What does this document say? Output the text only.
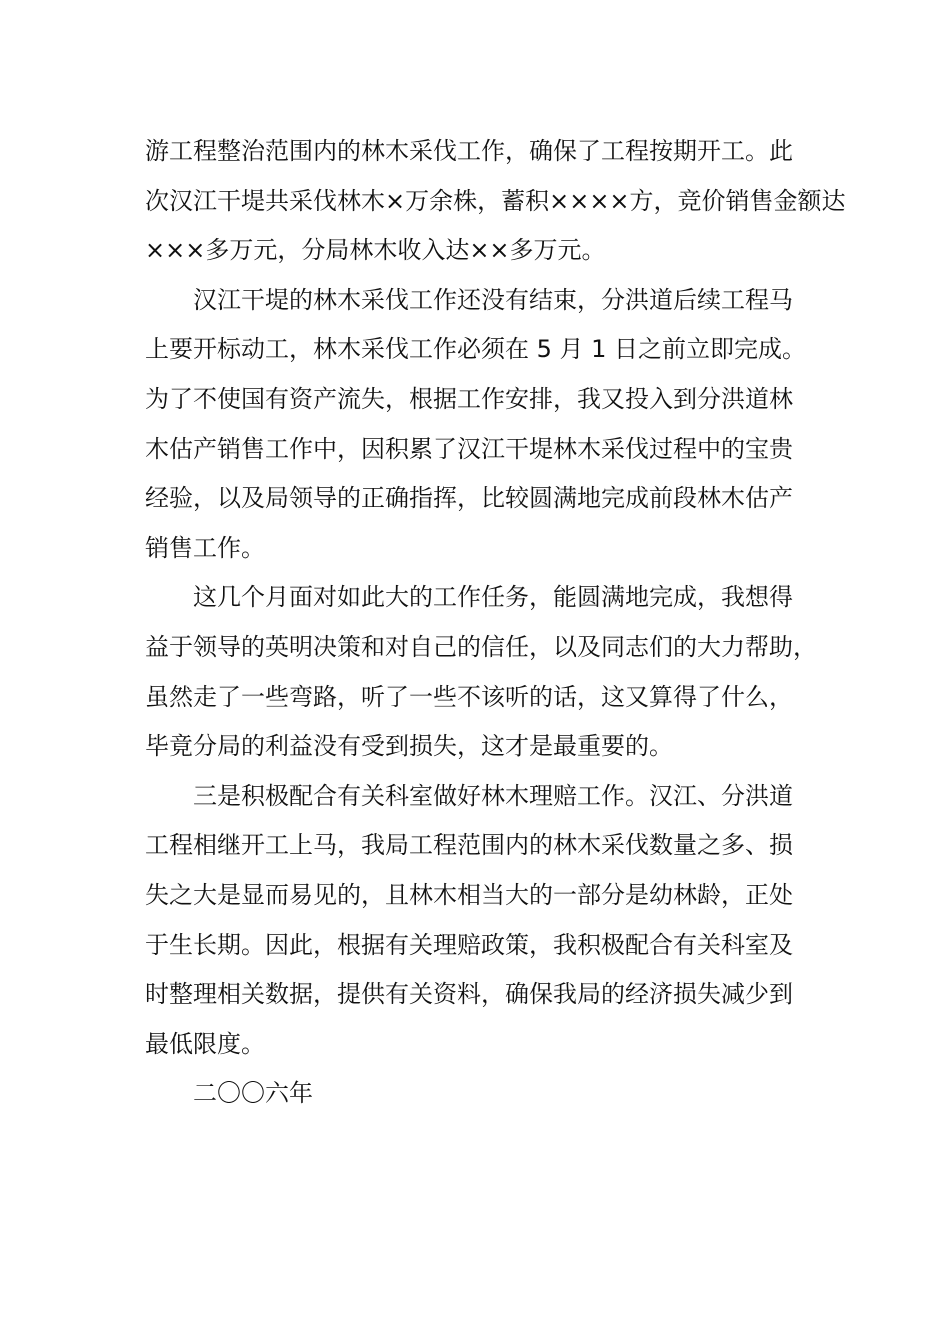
游工程整治范围内的林木采伐工作，确保了工程按期开工。此
次汉江干堤共采伐林木×万余株，蓄积××××方，竞价销售金额达
×××多万元，分局林木收入达××多万元。
汉江干堤的林木采伐工作还没有结束，分洪道后续工程马
上要开标动工，林木采伐工作必须在 5 月 1 日之前立即完成。
为了不使国有资产流失，根据工作安排，我又投入到分洪道林
木估产销售工作中，因积累了汉江干堤林木采伐过程中的宝贵
经验，以及局领导的正确指挥，比较圆满地完成前段林木估产
销售工作。
这几个月面对如此大的工作任务，能圆满地完成，我想得
益于领导的英明决策和对自己的信任，以及同志们的大力帮助，
虽然走了一些弯路，听了一些不该听的话，这又算得了什么，
毕竟分局的利益没有受到损失，这才是最重要的。
三是积极配合有关科室做好林木理赔工作。汉江、分洪道
工程相继开工上马，我局工程范围内的林木采伐数量之多、损
失之大是显而易见的，且林木相当大的一部分是幼林龄，正处
于生长期。因此，根据有关理赔政策，我积极配合有关科室及
时整理相关数据，提供有关资料，确保我局的经济损失减少到
最低限度。
二〇〇六年
